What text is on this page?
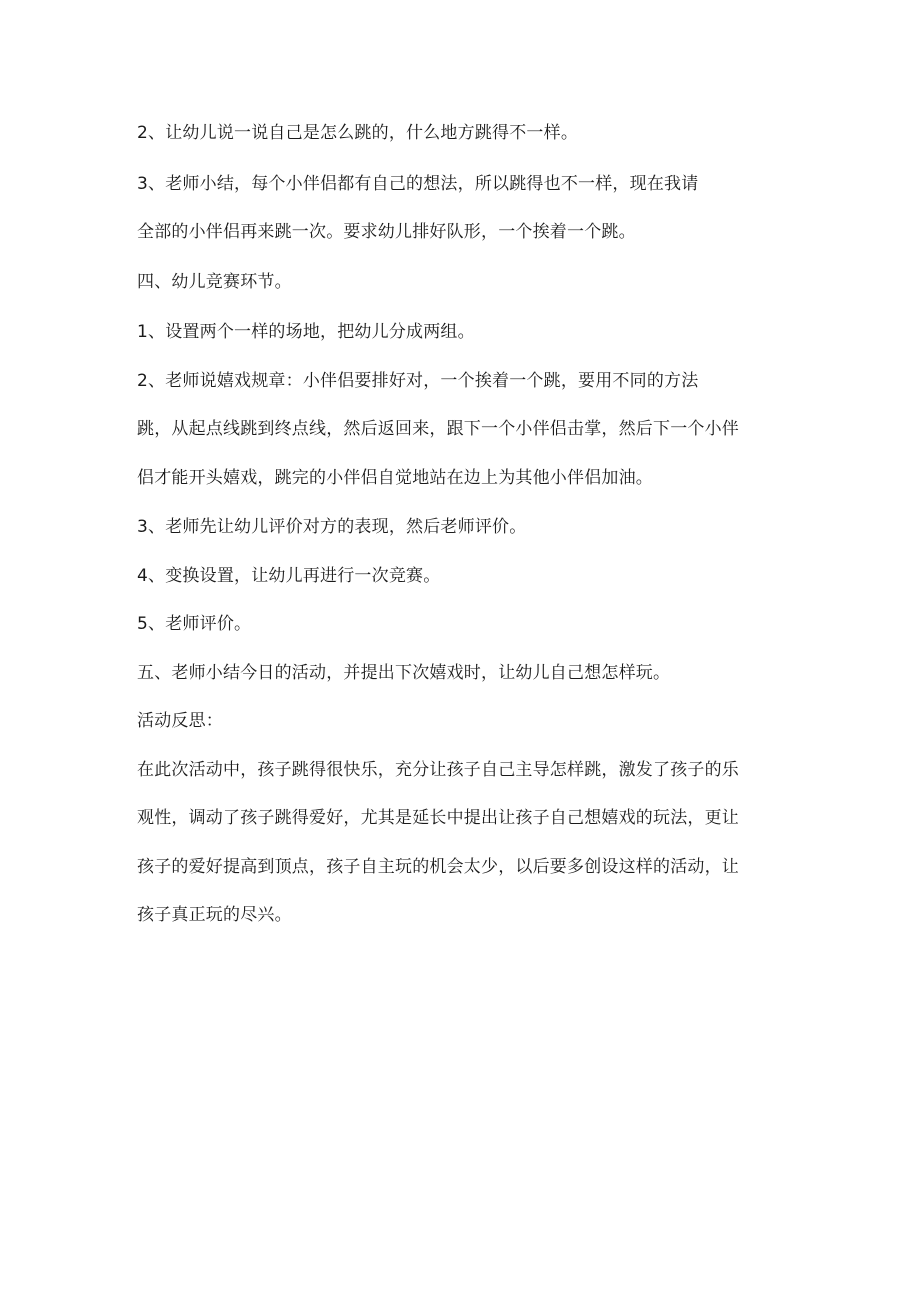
2、让幼儿说一说自己是怎么跳的，什么地方跳得不一样。
3、老师小结，每个小伴侣都有自己的想法，所以跳得也不一样，现在我请
全部的小伴侣再来跳一次。要求幼儿排好队形，一个挨着一个跳。
四、幼儿竞赛环节。
1、设置两个一样的场地，把幼儿分成两组。
2、老师说嬉戏规章：小伴侣要排好对，一个挨着一个跳，要用不同的方法
跳，从起点线跳到终点线，然后返回来，跟下一个小伴侣击掌，然后下一个小伴
侣才能开头嬉戏，跳完的小伴侣自觉地站在边上为其他小伴侣加油。
3、老师先让幼儿评价对方的表现，然后老师评价。
4、变换设置，让幼儿再进行一次竞赛。
5、老师评价。
五、老师小结今日的活动，并提出下次嬉戏时，让幼儿自己想怎样玩。
活动反思：
在此次活动中，孩子跳得很快乐，充分让孩子自己主导怎样跳，激发了孩子的乐
观性，调动了孩子跳得爱好，尤其是延长中提出让孩子自己想嬉戏的玩法，更让
孩子的爱好提高到顶点，孩子自主玩的机会太少，以后要多创设这样的活动，让
孩子真正玩的尽兴。
